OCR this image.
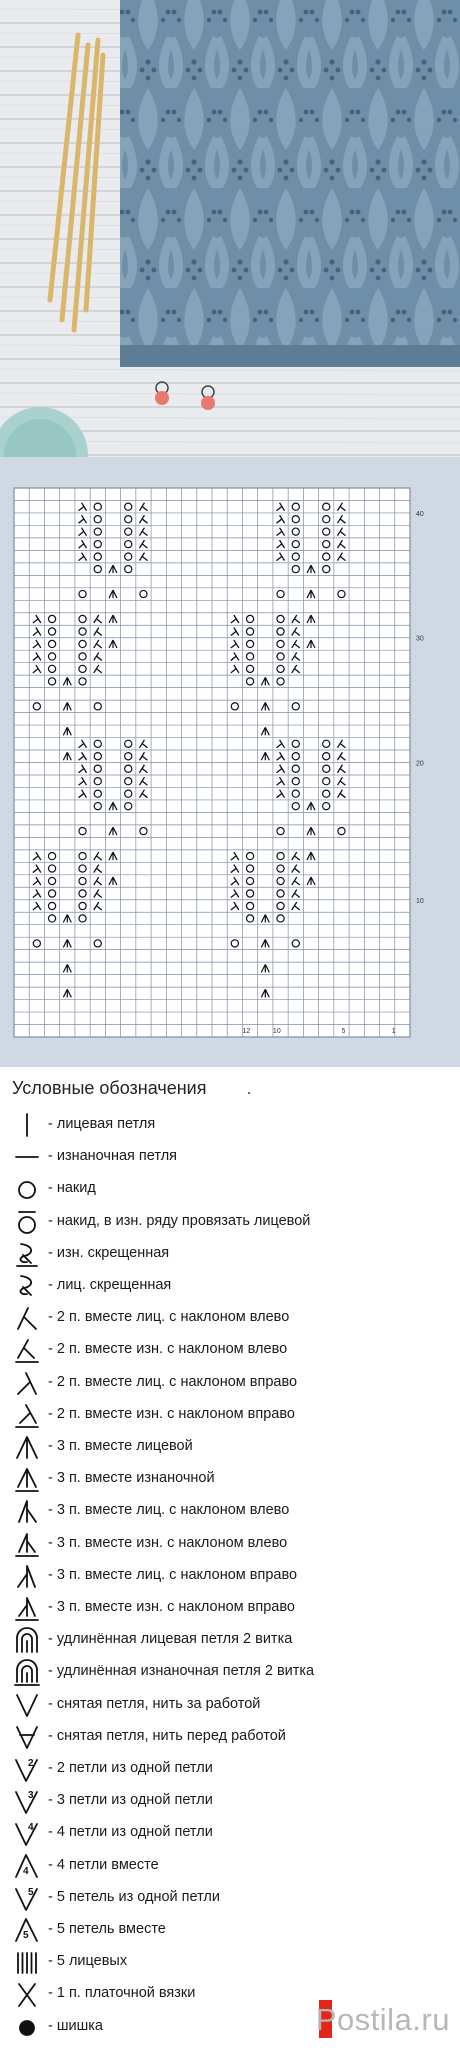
40
30
20
10
12	10	5	1
Условные обозначения .
- лицевая петля
- изнаночная петля
- накид
- накид, в изн. ряду провязать лицевой
- изн. скрещенная
- лиц. скрещенная
- 2 п. вместе лиц. с наклоном влево
- 2 п. вместе изн. с наклоном влево
- 2 п. вместе лиц. с наклоном вправо
- 2 п. вместе изн. с наклоном вправо
- 3 п. вместе лицевой
- 3 п. вместе изнаночной
- 3 п. вместе лиц. с наклоном влево
- 3 п. вместе изн. с наклоном влево
- 3 п. вместе лиц. с наклоном вправо
- 3 п. вместе изн. с наклоном вправо
- удлинённая лицевая петля 2 витка
- удлинённая изнаночная петля 2 витка
- снятая петля, нить за работой
- снятая петля, нить перед работой
2 - 2 петли из одной петли
3 - 3 петли из одной петли
4 - 4 петли из одной петли
4 - 4 петли вместе
5 - 5 петель из одной петли
5 - 5 петель вместе
- 5 лицевых
- 1 п. платочной вязки
- шишка	Postila.ru
